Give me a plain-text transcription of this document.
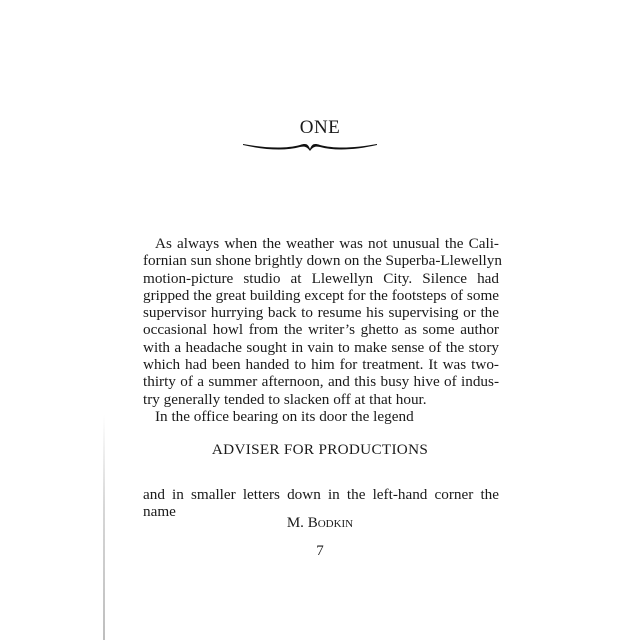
ONE
As always when the weather was not unusual the Cali-
fornian sun shone brightly down on the Superba-Llewellyn
motion-picture studio at Llewellyn City. Silence had
gripped the great building except for the footsteps of some
supervisor hurrying back to resume his supervising or the
occasional howl from the writer’s ghetto as some author
with a headache sought in vain to make sense of the story
which had been handed to him for treatment. It was two-
thirty of a summer afternoon, and this busy hive of indus-
try generally tended to slacken off at that hour.
In the office bearing on its door the legend
ADVISER FOR PRODUCTIONS
and in smaller letters down in the left-hand corner the
name
M. Bodkin
7
